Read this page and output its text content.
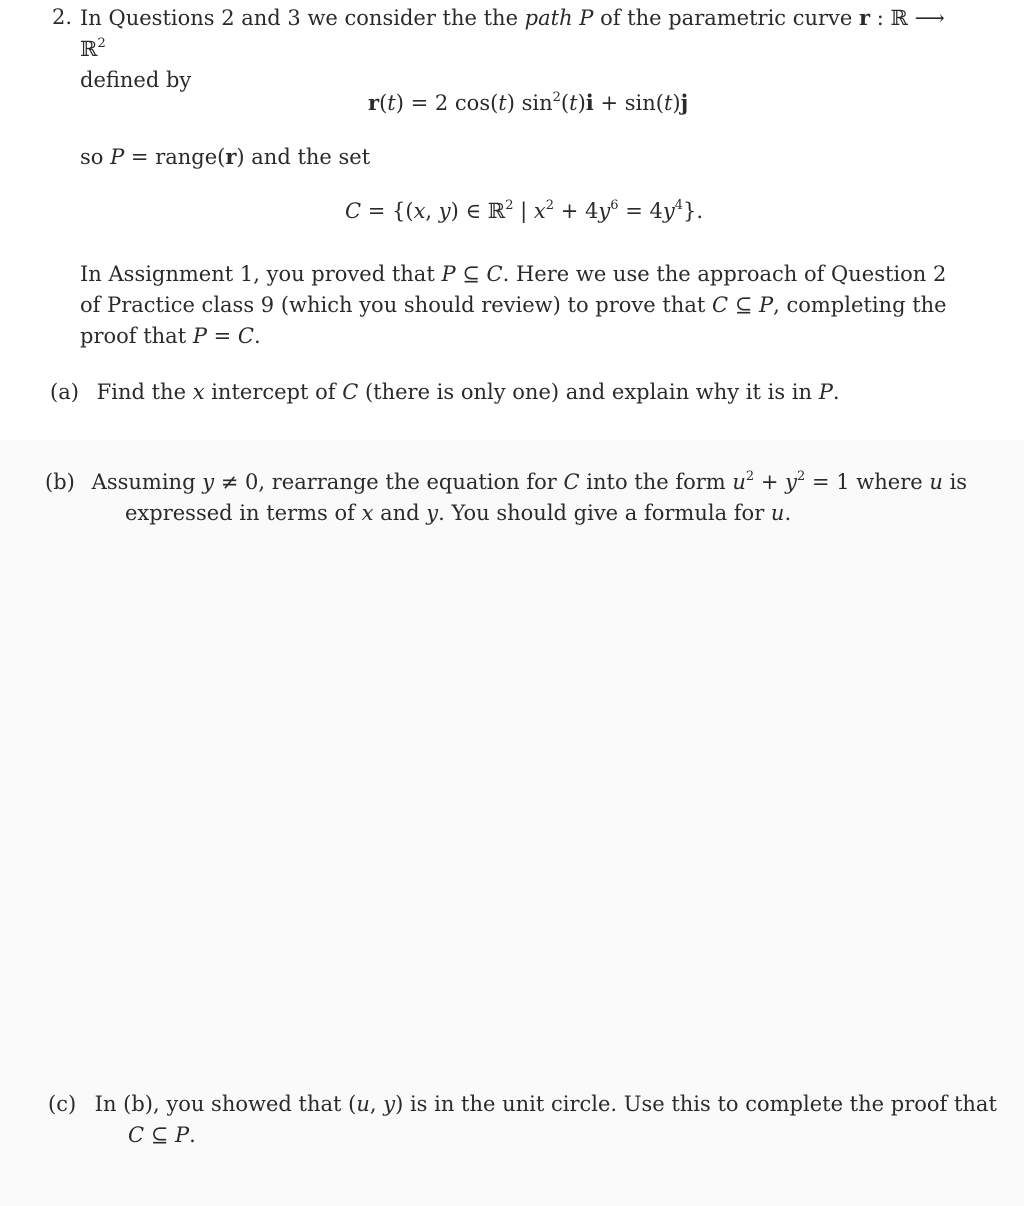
2. In Questions 2 and 3 we consider the the path P of the parametric curve r : ℝ ⟶ ℝ$^2$
defined by
r(t) = 2 cos(t) $\sin^2(t)i + \sin(t)j$
so P = range(r) and the set
C = {(x, y) ∈ ℝ$^2$ | $x^2 + 4y^6 = 4y^4$}.
In Assignment 1, you proved that P ⊆ C. Here we use the approach of Question 2 of Practice class 9 (which you should review) to prove that C ⊆ P, completing the proof that P = C.
(a) Find the x intercept of C (there is only one) and explain why it is in P.
Assuming y ≠ 0, rearrange the equation for C into the form $u^2 + y^2 = 1$ where u is expressed in terms of x and y. You should give a formula for u.
In (b), you showed that (u, y) is in the unit circle. Use this to complete the proof that C ⊆ P.
